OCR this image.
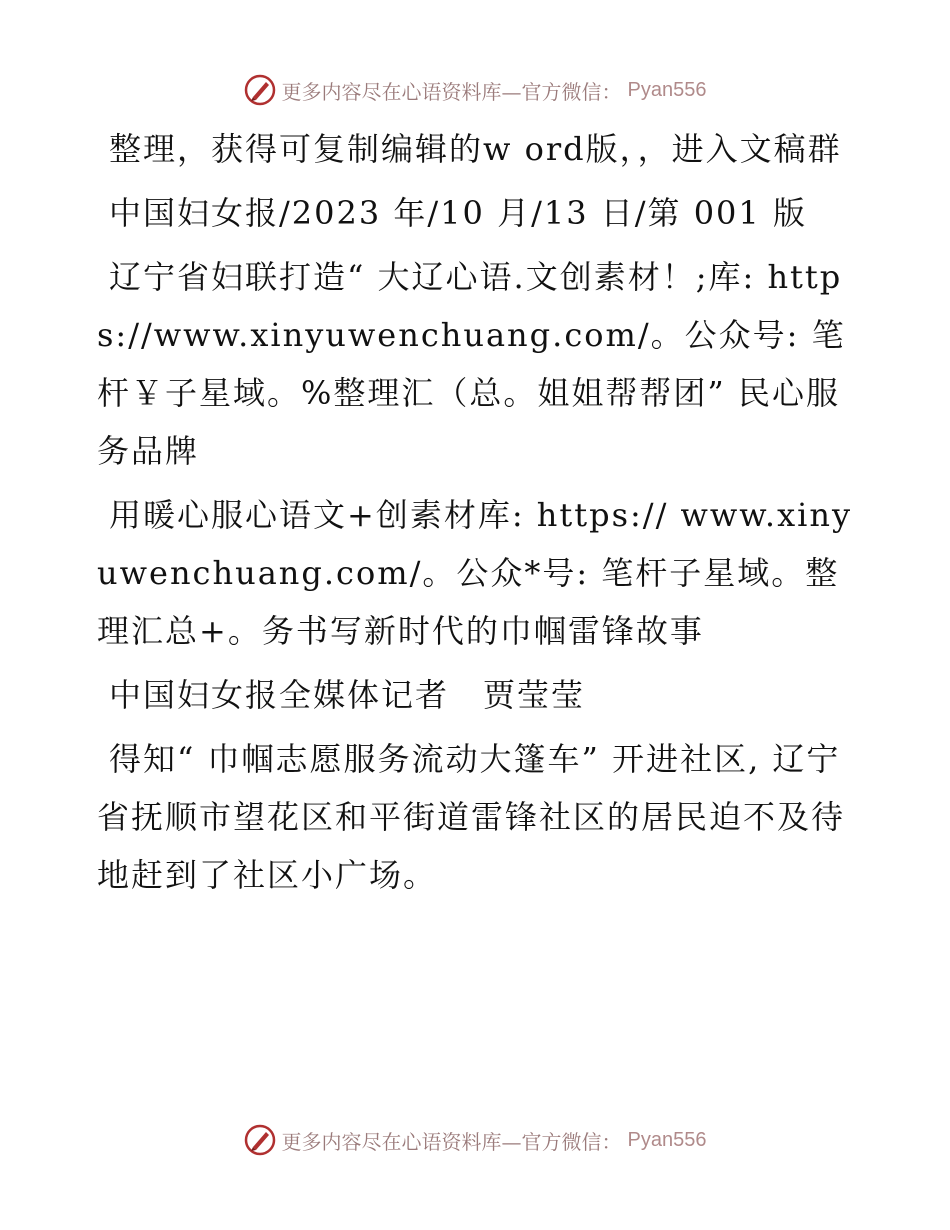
更多内容尽在心语资料库—官方微信： Pyan556

整理，获得可复制编辑的w ord版，，进入文稿群

中国妇女报/2023 年/10 月/13 日/第 001 版

辽宁省妇联打造“ 大辽心语.文创素材！;库: https://www.xinyuwenchuang.com/。公众号: 笔杆￥子星域。%整理汇（总。姐姐帮帮团” 民心服务品牌

用暖心服心语文+创素材库: https:// www.xinyuwenchuang.com/。公众*号: 笔杆子星域。整理汇总+。务书写新时代的巾帼雷锋故事

中国妇女报全媒体记者　贾莹莹

得知“ 巾帼志愿服务流动大篷车” 开进社区, 辽宁省抚顺市望花区和平街道雷锋社区的居民迫不及待地赶到了社区小广场。

更多内容尽在心语资料库—官方微信： Pyan556
